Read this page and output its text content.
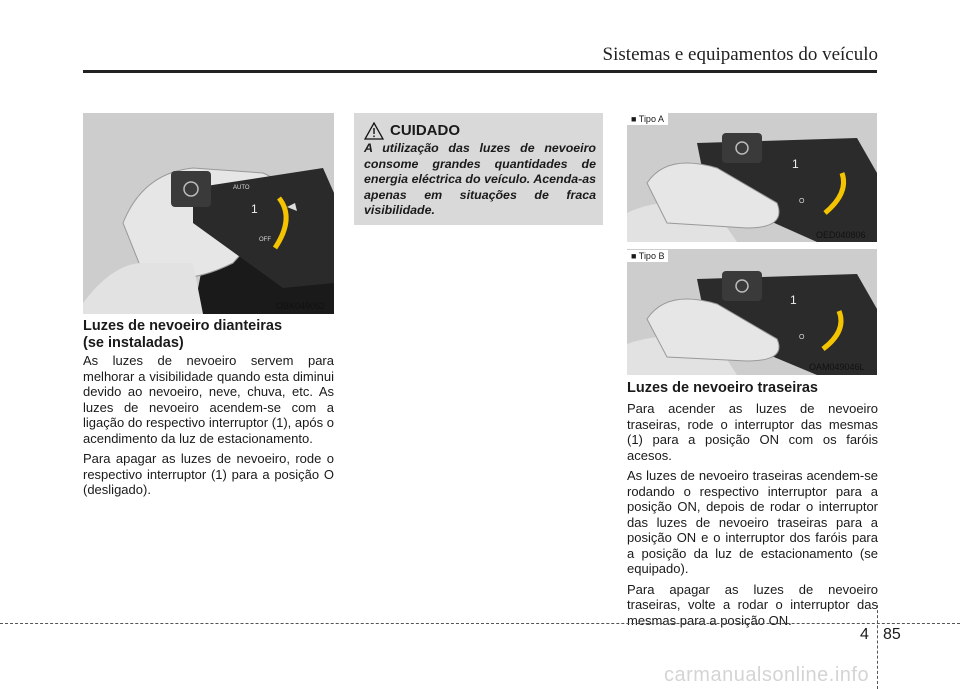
Sistemas e equipamentos do veículo
AUTO
1
OFF
OBK049052
Luzes de nevoeiro dianteiras
(se instaladas)

As luzes de nevoeiro servem para melhorar a visibilidade quando esta diminui devido ao nevoeiro, neve, chuva, etc. As luzes de nevoeiro acendem-se com a ligação do respectivo interruptor (1), após o acendimento da luz de estacionamento.

Para apagar as luzes de nevoeiro, rode o respectivo interruptor (1) para a posição O (desligado).

CUIDADO
A utilização das luzes de nevoeiro consome grandes quantidades de energia eléctrica do veículo. Acenda-as apenas em situações de fraca visibilidade.
1
O
■ Tipo A
OED040806
1
O
■ Tipo B
OAM049046L
Luzes de nevoeiro traseiras

Para acender as luzes de nevoeiro traseiras, rode o interruptor das mesmas (1) para a posição ON com os faróis acesos.

As luzes de nevoeiro traseiras acendem-se rodando o respectivo interruptor para a posição ON, depois de rodar o interruptor das luzes de nevoeiro traseiras para a posição ON e o interruptor dos faróis para a posição da luz de estacionamento (se equipado).

Para apagar as luzes de nevoeiro traseiras, volte a rodar o interruptor das mesmas para a posição ON.

4 85
carmanualsonline.info
